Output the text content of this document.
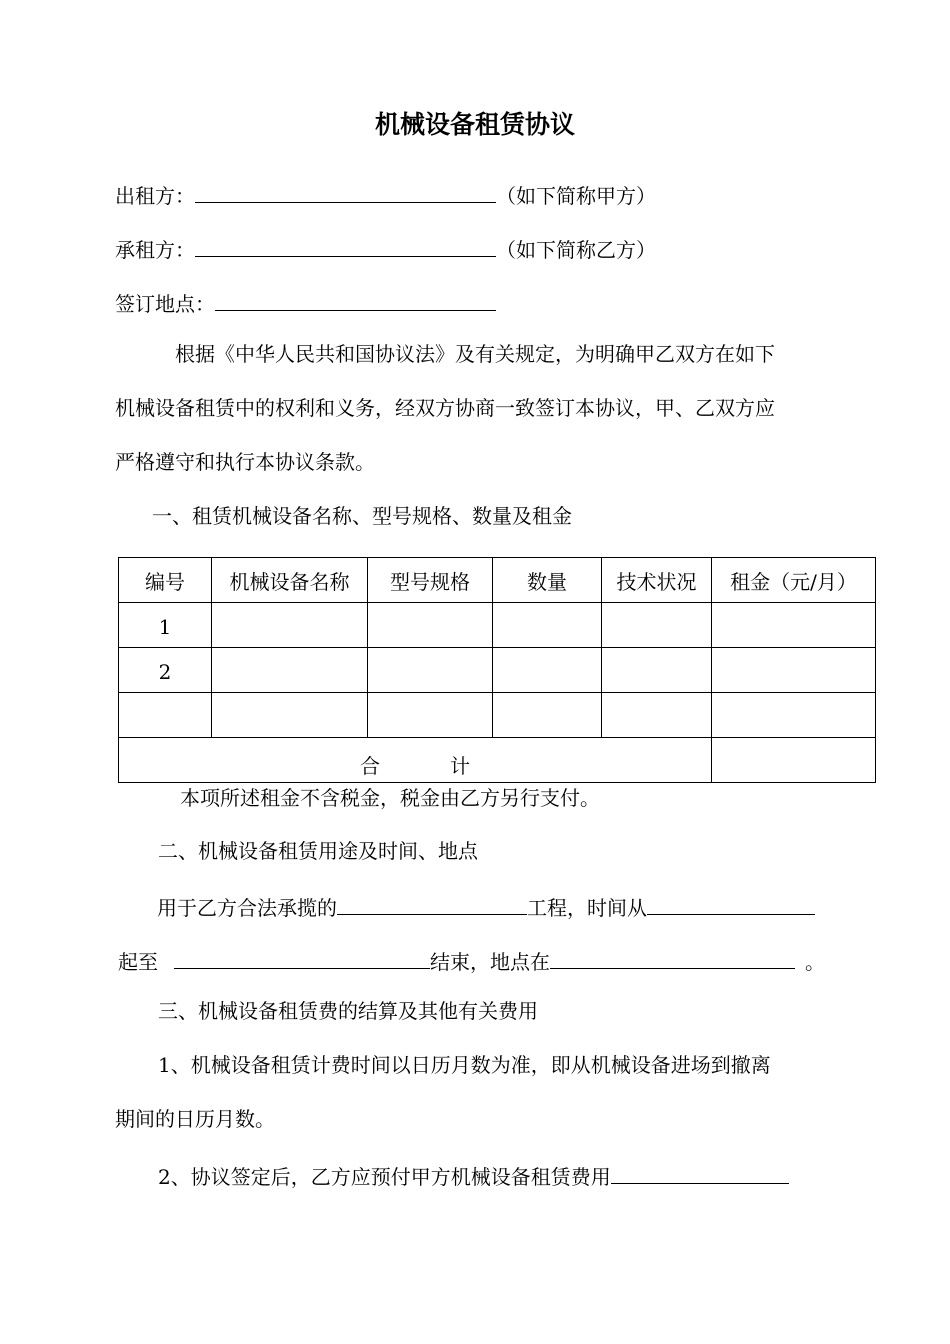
机械设备租赁协议
出租方：	（如下简称甲方）
承租方：	（如下简称乙方）
签订地点：
根据《中华人民共和国协议法》及有关规定，为明确甲乙双方在如下
机械设备租赁中的权利和义务，经双方协商一致签订本协议，甲、乙双方应
严格遵守和执行本协议条款。
一、租赁机械设备名称、型号规格、数量及租金
编号	机械设备名称	型号规格	数量	技术状况	租金（元/月）
1					
2					

合 计					
本项所述租金不含税金，税金由乙方另行支付。
二、机械设备租赁用途及时间、地点
用于乙方合法承揽的	工程，时间从
起至	结束，地点在	。
三、机械设备租赁费的结算及其他有关费用
1、机械设备租赁计费时间以日历月数为准，即从机械设备进场到撤离
期间的日历月数。
2、协议签定后，乙方应预付甲方机械设备租赁费用
